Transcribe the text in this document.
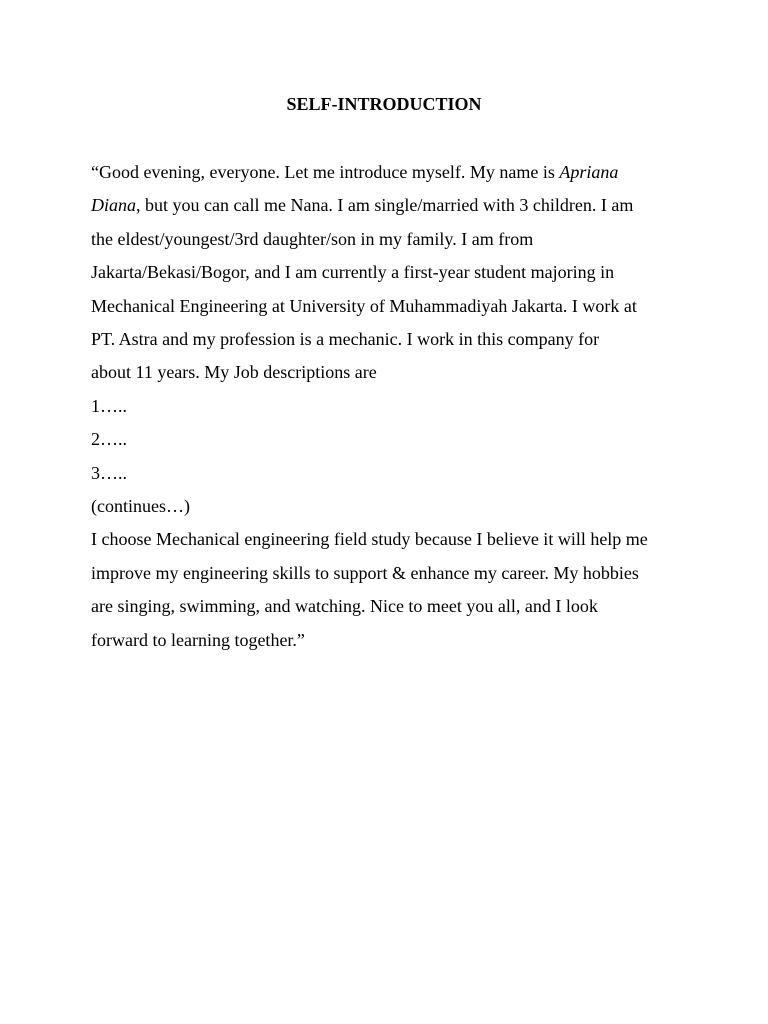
SELF-INTRODUCTION
“Good evening, everyone. Let me introduce myself. My name is Apriana
Diana, but you can call me Nana. I am single/married with 3 children. I am
the eldest/youngest/3rd daughter/son in my family. I am from
Jakarta/Bekasi/Bogor, and I am currently a first-year student majoring in
Mechanical Engineering at University of Muhammadiyah Jakarta. I work at
PT. Astra and my profession is a mechanic. I work in this company for
about 11 years. My Job descriptions are
1…..
2…..
3…..
(continues…)
I choose Mechanical engineering field study because I believe it will help me
improve my engineering skills to support & enhance my career. My hobbies
are singing, swimming, and watching. Nice to meet you all, and I look
forward to learning together.”
